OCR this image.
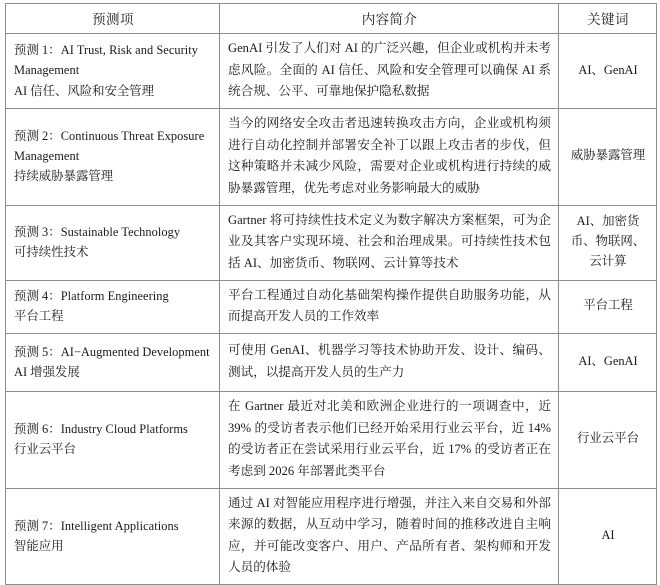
预测项	内容简介	关键词
预测 1：AI Trust, Risk and Security Management
AI 信任、风险和安全管理	GenAI 引发了人们对 AI 的广泛兴趣，但企业或机构并未考虑风险。全面的 AI 信任、风险和安全管理可以确保 AI 系统合规、公平、可靠地保护隐私数据	AI、GenAI
预测 2：Continuous Threat Exposure Management
持续威胁暴露管理	当今的网络安全攻击者迅速转换攻击方向，企业或机构须进行自动化控制并部署安全补丁以跟上攻击者的步伐，但这种策略并未减少风险，需要对企业或机构进行持续的威胁暴露管理，优先考虑对业务影响最大的威胁	威胁暴露管理
预测 3：Sustainable Technology
可持续性技术	Gartner 将可持续性技术定义为数字解决方案框架，可为企业及其客户实现环境、社会和治理成果。可持续性技术包括 AI、加密货币、物联网、云计算等技术	AI、加密货币、物联网、云计算
预测 4：Platform Engineering
平台工程	平台工程通过自动化基础架构操作提供自助服务功能，从而提高开发人员的工作效率	平台工程
预测 5：AI−Augmented Development
AI 增强发展	可使用 GenAI、机器学习等技术协助开发、设计、编码、测试，以提高开发人员的生产力	AI、GenAI
预测 6：Industry Cloud Platforms
行业云平台	在 Gartner 最近对北美和欧洲企业进行的一项调查中，近 39% 的受访者表示他们已经开始采用行业云平台，近 14% 的受访者正在尝试采用行业云平台，近 17% 的受访者正在考虑到 2026 年部署此类平台	行业云平台
预测 7：Intelligent Applications
智能应用	通过 AI 对智能应用程序进行增强，并注入来自交易和外部来源的数据，从互动中学习，随着时间的推移改进自主响应，并可能改变客户、用户、产品所有者、架构师和开发人员的体验	AI
